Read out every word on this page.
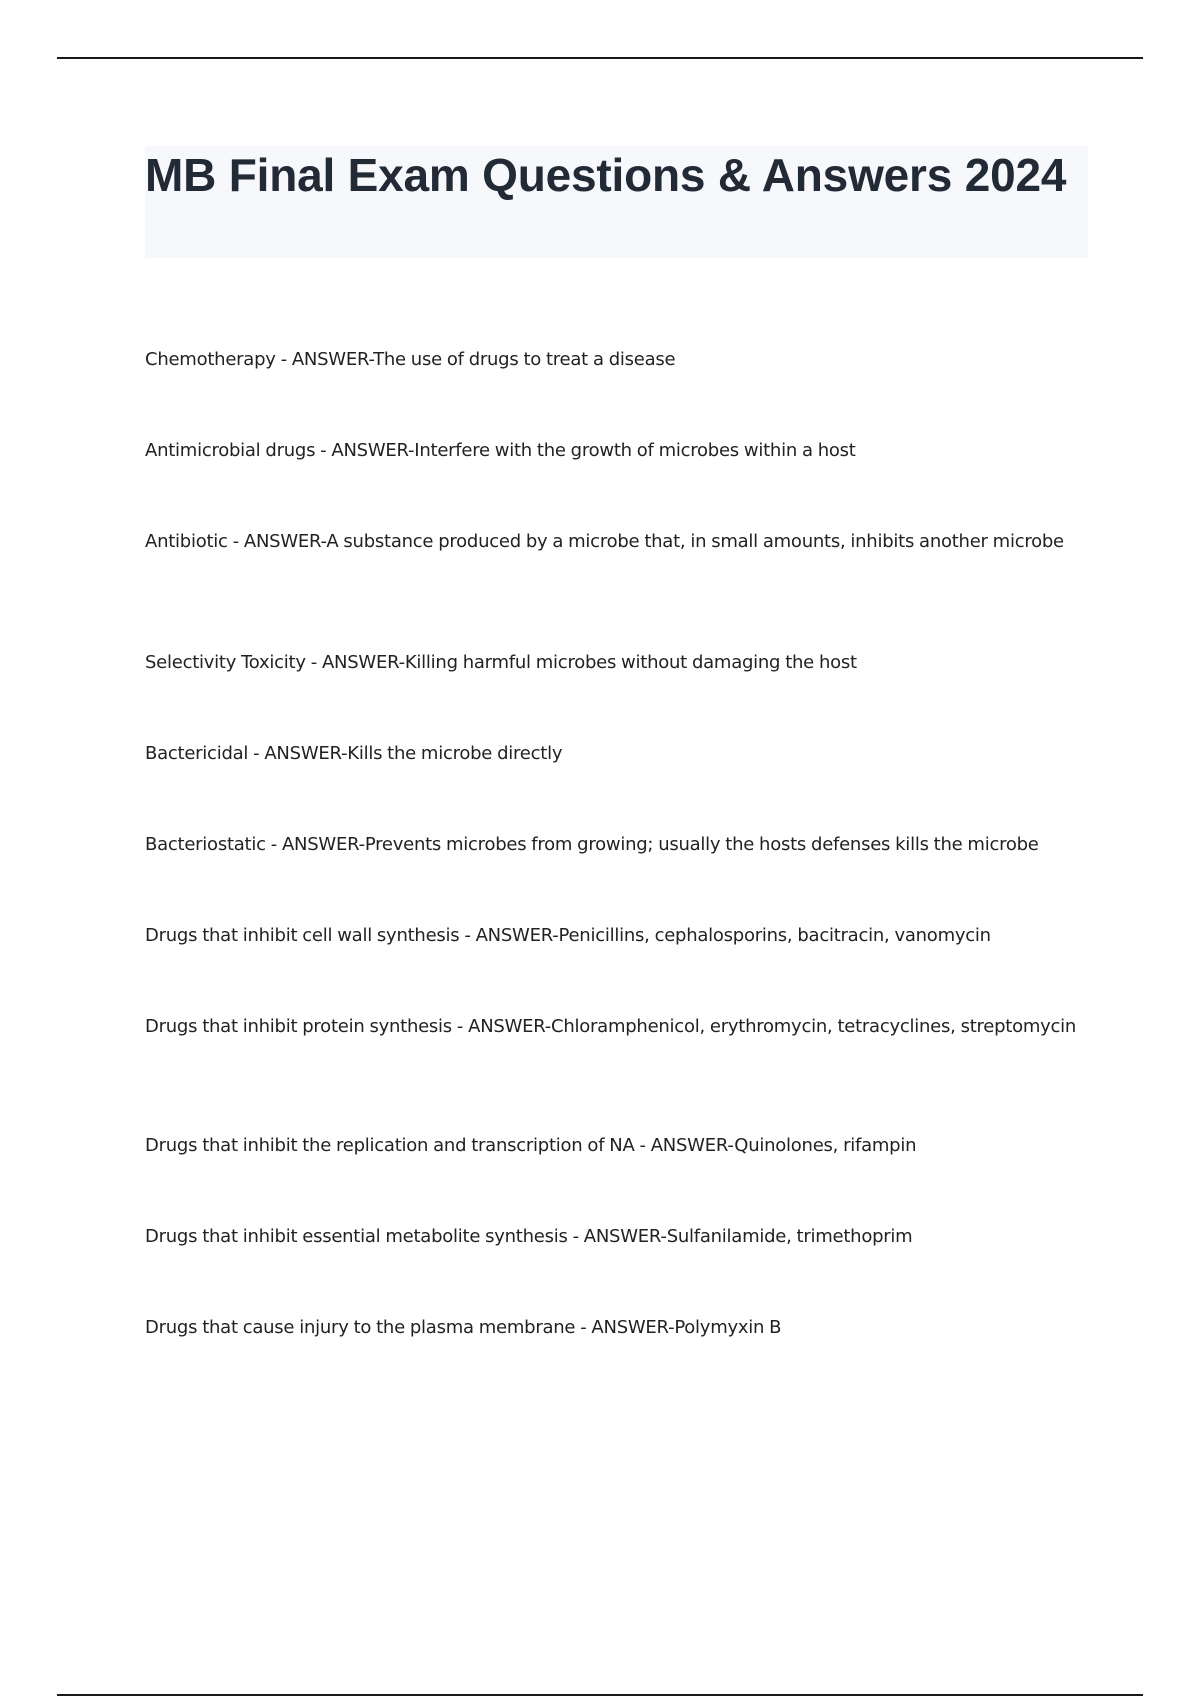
MB Final Exam Questions & Answers 2024
Chemotherapy - ANSWER-The use of drugs to treat a disease
Antimicrobial drugs - ANSWER-Interfere with the growth of microbes within a host
Antibiotic - ANSWER-A substance produced by a microbe that, in small amounts, inhibits another microbe
Selectivity Toxicity - ANSWER-Killing harmful microbes without damaging the host
Bactericidal - ANSWER-Kills the microbe directly
Bacteriostatic - ANSWER-Prevents microbes from growing; usually the hosts defenses kills the microbe
Drugs that inhibit cell wall synthesis - ANSWER-Penicillins, cephalosporins, bacitracin, vanomycin
Drugs that inhibit protein synthesis - ANSWER-Chloramphenicol, erythromycin, tetracyclines, streptomycin
Drugs that inhibit the replication and transcription of NA - ANSWER-Quinolones, rifampin
Drugs that inhibit essential metabolite synthesis - ANSWER-Sulfanilamide, trimethoprim
Drugs that cause injury to the plasma membrane - ANSWER-Polymyxin B
